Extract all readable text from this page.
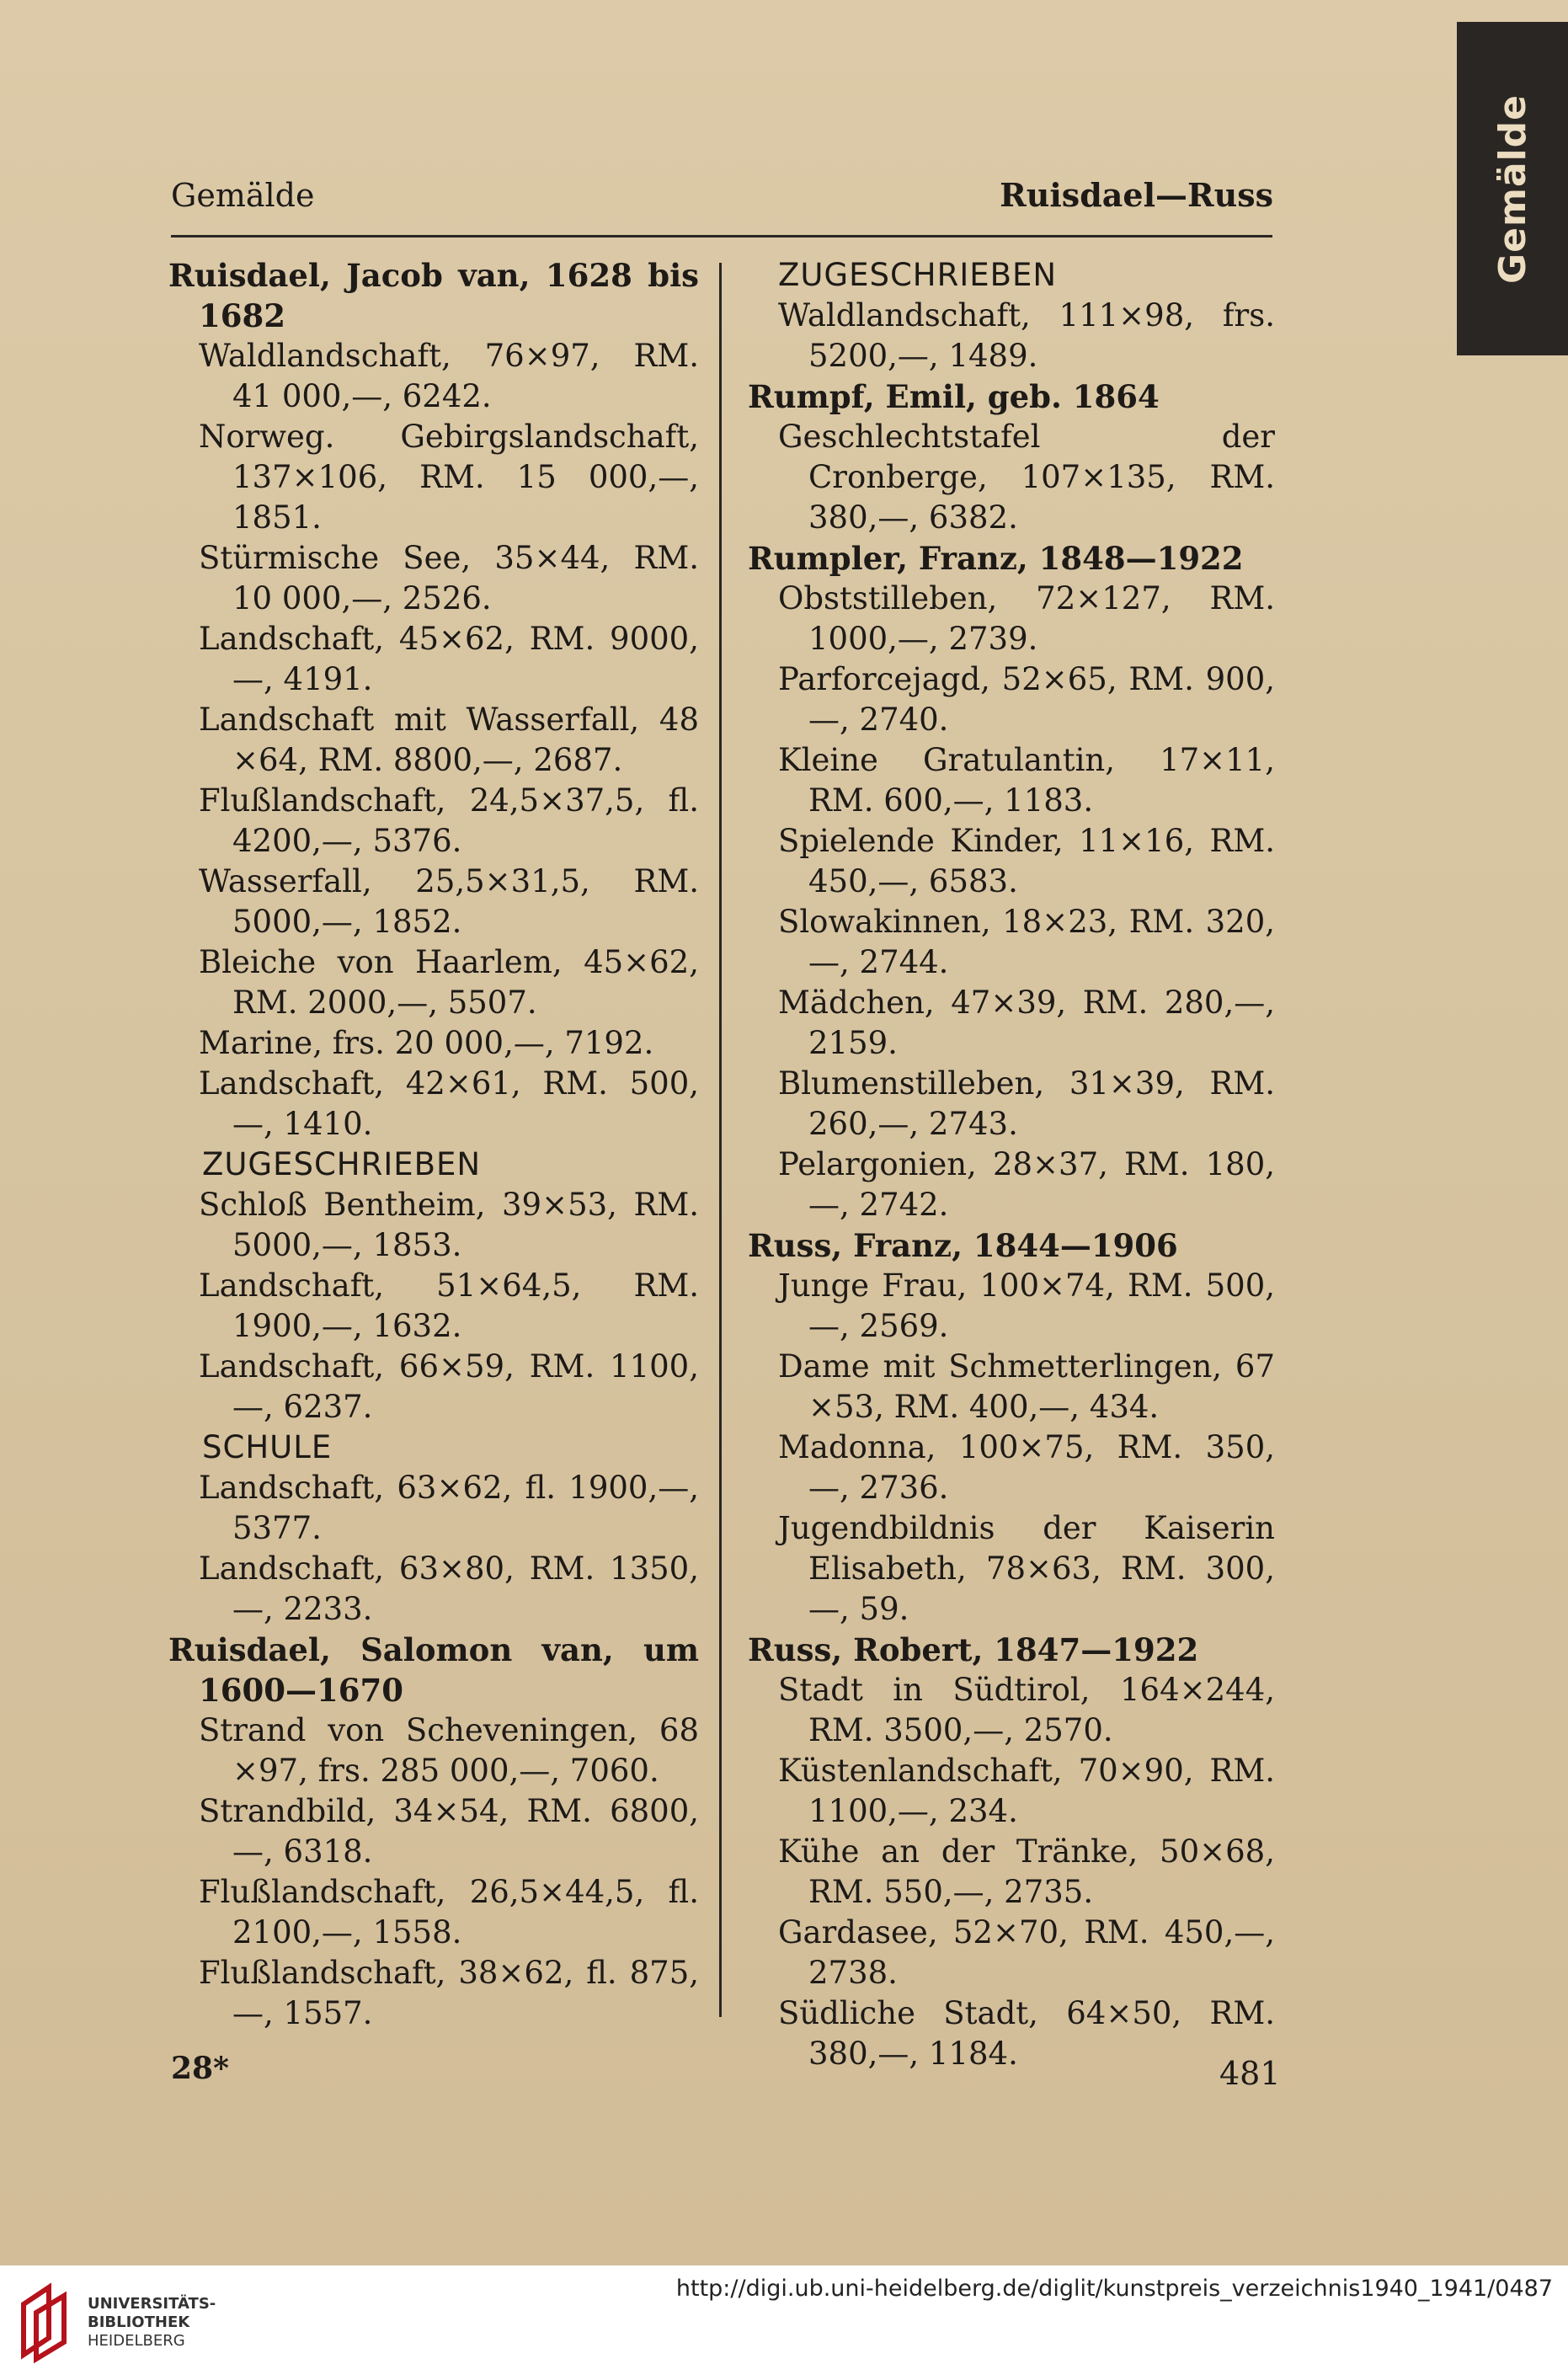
Gemälde
Gemälde	Ruisdael—Russ

Ruisdael, Jacob van, 1628 bis 1682

Waldlandschaft, 76×97, RM. 41 000,—, 6242.

Norweg. Gebirgslandschaft, 137×106, RM. 15 000,—, 1851.

Stürmische See, 35×44, RM. 10 000,—, 2526.

Landschaft, 45×62, RM. 9000,—, 4191.

Landschaft mit Wasserfall, 48 ×64, RM. 8800,—, 2687.

Flußlandschaft, 24,5×37,5, fl. 4200,—, 5376.

Wasserfall, 25,5×31,5, RM. 5000,—, 1852.

Bleiche von Haarlem, 45×62, RM. 2000,—, 5507.

Marine, frs. 20 000,—, 7192.

Landschaft, 42×61, RM. 500,—, 1410.

ZUGESCHRIEBEN

Schloß Bentheim, 39×53, RM. 5000,—, 1853.

Landschaft, 51×64,5, RM. 1900,—, 1632.

Landschaft, 66×59, RM. 1100,—, 6237.

SCHULE

Landschaft, 63×62, fl. 1900,—, 5377.

Landschaft, 63×80, RM. 1350,—, 2233.

Ruisdael, Salomon van, um 1600—1670

Strand von Scheveningen, 68 ×97, frs. 285 000,—, 7060.

Strandbild, 34×54, RM. 6800,—, 6318.

Flußlandschaft, 26,5×44,5, fl. 2100,—, 1558.

Flußlandschaft, 38×62, fl. 875,—, 1557.

ZUGESCHRIEBEN

Waldlandschaft, 111×98, frs. 5200,—, 1489.

Rumpf, Emil, geb. 1864

Geschlechtstafel der Cronberge, 107×135, RM. 380,—, 6382.

Rumpler, Franz, 1848—1922

Obststilleben, 72×127, RM. 1000,—, 2739.

Parforcejagd, 52×65, RM. 900,—, 2740.

Kleine Gratulantin, 17×11, RM. 600,—, 1183.

Spielende Kinder, 11×16, RM. 450,—, 6583.

Slowakinnen, 18×23, RM. 320,—, 2744.

Mädchen, 47×39, RM. 280,—, 2159.

Blumenstilleben, 31×39, RM. 260,—, 2743.

Pelargonien, 28×37, RM. 180,—, 2742.

Russ, Franz, 1844—1906

Junge Frau, 100×74, RM. 500,—, 2569.

Dame mit Schmetterlingen, 67 ×53, RM. 400,—, 434.

Madonna, 100×75, RM. 350,—, 2736.

Jugendbildnis der Kaiserin Elisabeth, 78×63, RM. 300,—, 59.

Russ, Robert, 1847—1922

Stadt in Südtirol, 164×244, RM. 3500,—, 2570.

Küstenlandschaft, 70×90, RM. 1100,—, 234.

Kühe an der Tränke, 50×68, RM. 550,—, 2735.

Gardasee, 52×70, RM. 450,—, 2738.

Südliche Stadt, 64×50, RM. 380,—, 1184.

28*	481
UNIVERSITÄTS-
BIBLIOTHEK
HEIDELBERG
http://digi.ub.uni-heidelberg.de/diglit/kunstpreis_verzeichnis1940_1941/0487
